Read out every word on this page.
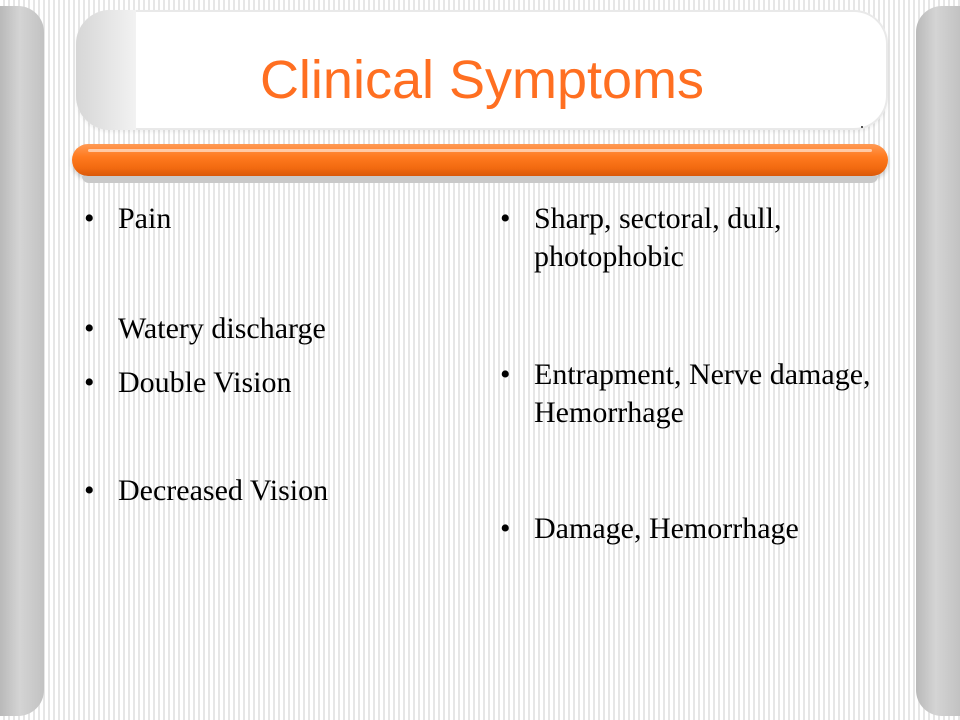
Clinical Symptoms
• Pain
• Watery discharge
• Double Vision
• Decreased Vision
• Sharp, sectoral, dull, photophobic
• Entrapment, Nerve damage, Hemorrhage
• Damage, Hemorrhage
